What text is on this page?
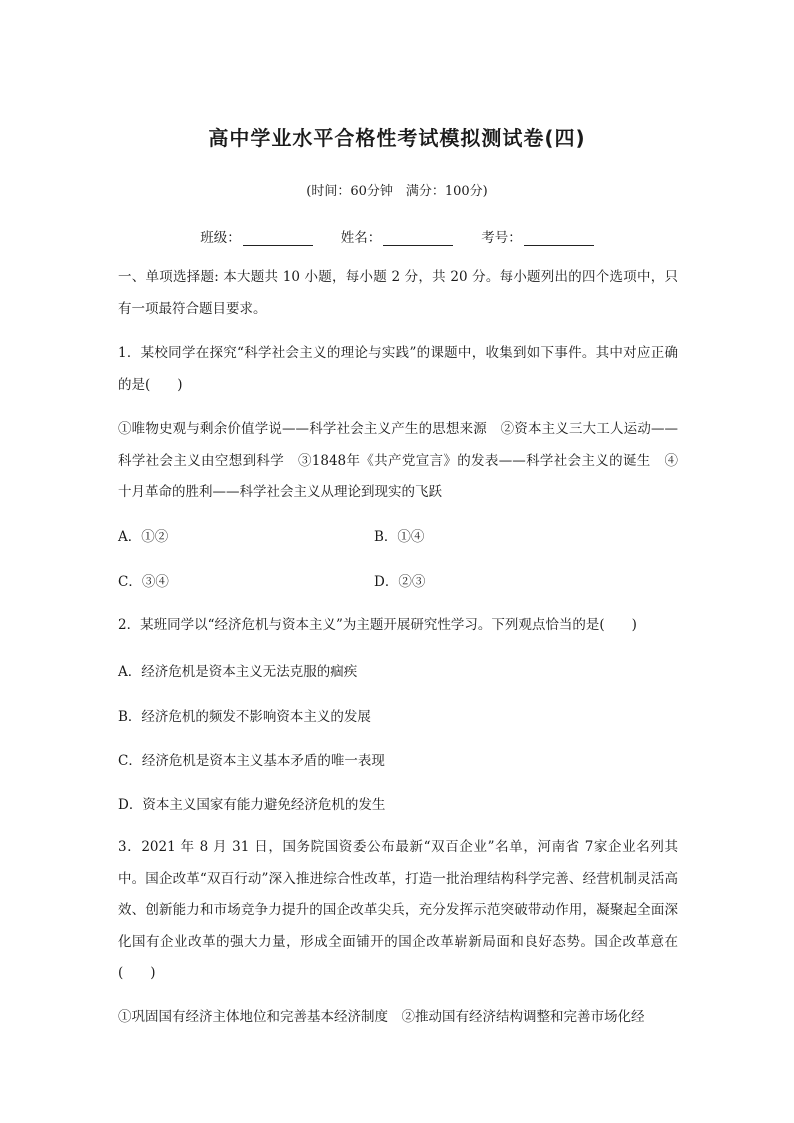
高中学业水平合格性考试模拟测试卷(四)
(时间：60分钟　满分：100分)
班级：	姓名：	考号：
一、单项选择题: 本大题共 10 小题，每小题 2 分，共 20 分。每小题列出的四个选项中，只有一项最符合题目要求。
1．某校同学在探究“科学社会主义的理论与实践”的课题中，收集到如下事件。其中对应正确的是(　　)
①唯物史观与剩余价值学说——科学社会主义产生的思想来源　②资本主义三大工人运动——科学社会主义由空想到科学　③1848年《共产党宣言》的发表——科学社会主义的诞生　④十月革命的胜利——科学社会主义从理论到现实的飞跃
A．①②	B．①④
C．③④	D．②③
2．某班同学以“经济危机与资本主义”为主题开展研究性学习。下列观点恰当的是(　　)
A．经济危机是资本主义无法克服的痼疾
B．经济危机的频发不影响资本主义的发展
C．经济危机是资本主义基本矛盾的唯一表现
D．资本主义国家有能力避免经济危机的发生
3．2021 年 8 月 31 日，国务院国资委公布最新“双百企业”名单，河南省 7家企业名列其中。国企改革“双百行动”深入推进综合性改革，打造一批治理结构科学完善、经营机制灵活高效、创新能力和市场竞争力提升的国企改革尖兵，充分发挥示范突破带动作用，凝聚起全面深化国有企业改革的强大力量，形成全面铺开的国企改革崭新局面和良好态势。国企改革意在(　　)
①巩固国有经济主体地位和完善基本经济制度　②推动国有经济结构调整和完善市场化经
